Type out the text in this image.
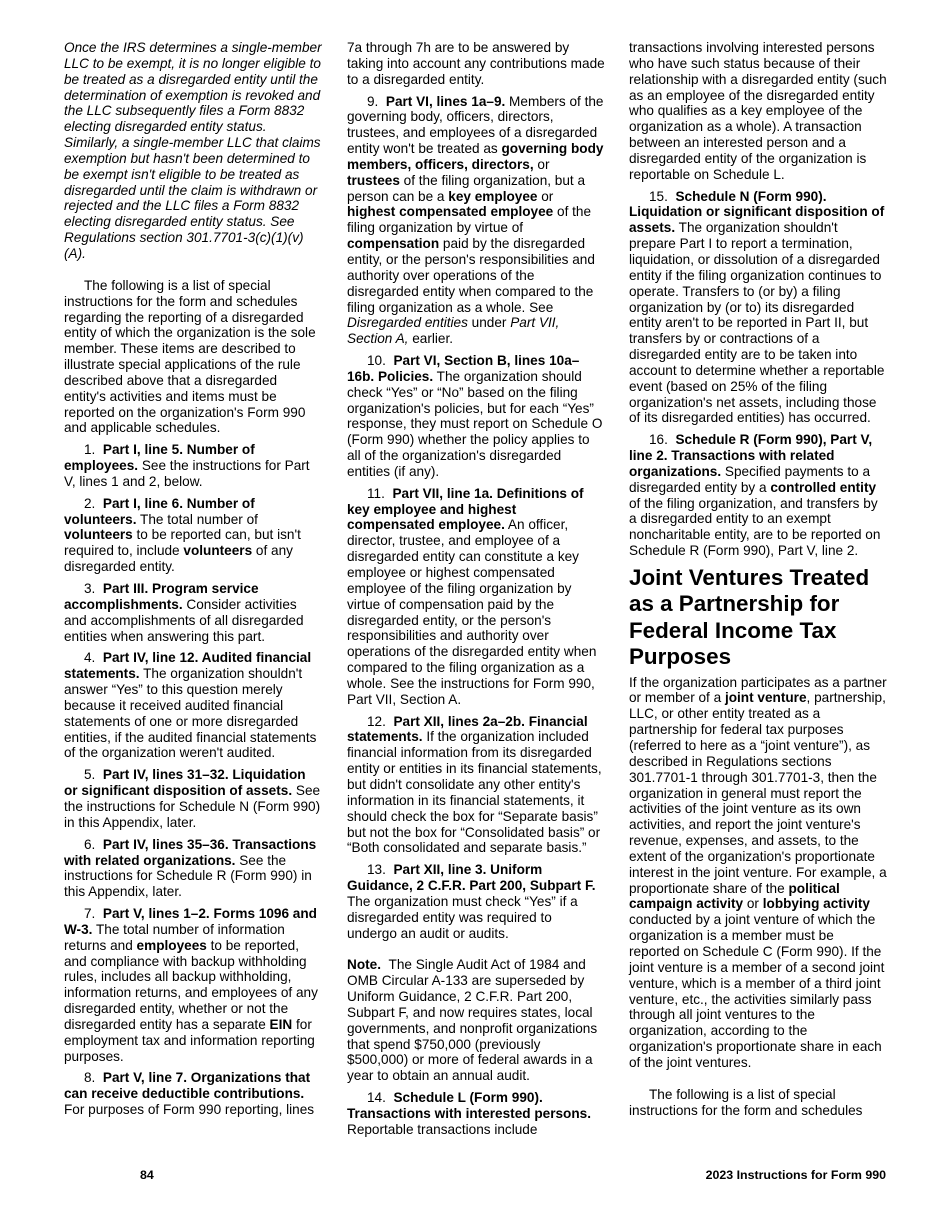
Once the IRS determines a single-member LLC to be exempt, it is no longer eligible to be treated as a disregarded entity until the determination of exemption is revoked and the LLC subsequently files a Form 8832 electing disregarded entity status. Similarly, a single-member LLC that claims exemption but hasn't been determined to be exempt isn't eligible to be treated as disregarded until the claim is withdrawn or rejected and the LLC files a Form 8832 electing disregarded entity status. See Regulations section 301.7701-3(c)(1)(v)(A).

The following is a list of special instructions for the form and schedules regarding the reporting of a disregarded entity of which the organization is the sole member. These items are described to illustrate special applications of the rule described above that a disregarded entity's activities and items must be reported on the organization's Form 990 and applicable schedules.

1.  Part I, line 5. Number of employees. See the instructions for Part V, lines 1 and 2, below.

2.  Part I, line 6. Number of volunteers. The total number of volunteers to be reported can, but isn't required to, include volunteers of any disregarded entity.

3.  Part III. Program service accomplishments. Consider activities and accomplishments of all disregarded entities when answering this part.

4.  Part IV, line 12. Audited financial statements. The organization shouldn't answer “Yes” to this question merely because it received audited financial statements of one or more disregarded entities, if the audited financial statements of the organization weren't audited.

5.  Part IV, lines 31–32. Liquidation or significant disposition of assets. See the instructions for Schedule N (Form 990) in this Appendix, later.

6.  Part IV, lines 35–36. Transactions with related organizations. See the instructions for Schedule R (Form 990) in this Appendix, later.

7.  Part V, lines 1–2. Forms 1096 and W-3. The total number of information returns and employees to be reported, and compliance with backup withholding rules, includes all backup withholding, information returns, and employees of any disregarded entity, whether or not the disregarded entity has a separate EIN for employment tax and information reporting purposes.

8.  Part V, line 7. Organizations that can receive deductible contributions. For purposes of Form 990 reporting, lines

7a through 7h are to be answered by taking into account any contributions made to a disregarded entity.

9.  Part VI, lines 1a–9. Members of the governing body, officers, directors, trustees, and employees of a disregarded entity won't be treated as governing body members, officers, directors, or trustees of the filing organization, but a person can be a key employee or highest compensated employee of the filing organization by virtue of compensation paid by the disregarded entity, or the person's responsibilities and authority over operations of the disregarded entity when compared to the filing organization as a whole. See Disregarded entities under Part VII, Section A, earlier.

10.  Part VI, Section B, lines 10a–16b. Policies. The organization should check “Yes” or “No” based on the filing organization's policies, but for each “Yes” response, they must report on Schedule O (Form 990) whether the policy applies to all of the organization's disregarded entities (if any).

11.  Part VII, line 1a. Definitions of key employee and highest compensated employee. An officer, director, trustee, and employee of a disregarded entity can constitute a key employee or highest compensated employee of the filing organization by virtue of compensation paid by the disregarded entity, or the person's responsibilities and authority over operations of the disregarded entity when compared to the filing organization as a whole. See the instructions for Form 990, Part VII, Section A.

12.  Part XII, lines 2a–2b. Financial statements. If the organization included financial information from its disregarded entity or entities in its financial statements, but didn't consolidate any other entity's information in its financial statements, it should check the box for “Separate basis” but not the box for “Consolidated basis” or “Both consolidated and separate basis.”

13.  Part XII, line 3. Uniform Guidance, 2 C.F.R. Part 200, Subpart F. The organization must check “Yes” if a disregarded entity was required to undergo an audit or audits.

Note.  The Single Audit Act of 1984 and OMB Circular A-133 are superseded by Uniform Guidance, 2 C.F.R. Part 200, Subpart F, and now requires states, local governments, and nonprofit organizations that spend $750,000 (previously $500,000) or more of federal awards in a year to obtain an annual audit.

14.  Schedule L (Form 990). Transactions with interested persons. Reportable transactions include

transactions involving interested persons who have such status because of their relationship with a disregarded entity (such as an employee of the disregarded entity who qualifies as a key employee of the organization as a whole). A transaction between an interested person and a disregarded entity of the organization is reportable on Schedule L.

15.  Schedule N (Form 990). Liquidation or significant disposition of assets. The organization shouldn't prepare Part I to report a termination, liquidation, or dissolution of a disregarded entity if the filing organization continues to operate. Transfers to (or by) a filing organization by (or to) its disregarded entity aren't to be reported in Part II, but transfers by or contractions of a disregarded entity are to be taken into account to determine whether a reportable event (based on 25% of the filing organization's net assets, including those of its disregarded entities) has occurred.

16.  Schedule R (Form 990), Part V, line 2. Transactions with related organizations. Specified payments to a disregarded entity by a controlled entity of the filing organization, and transfers by a disregarded entity to an exempt noncharitable entity, are to be reported on Schedule R (Form 990), Part V, line 2.

Joint Ventures Treated as a Partnership for Federal Income Tax Purposes

If the organization participates as a partner or member of a joint venture, partnership, LLC, or other entity treated as a partnership for federal tax purposes (referred to here as a “joint venture”), as described in Regulations sections 301.7701-1 through 301.7701-3, then the organization in general must report the activities of the joint venture as its own activities, and report the joint venture's revenue, expenses, and assets, to the extent of the organization's proportionate interest in the joint venture. For example, a proportionate share of the political campaign activity or lobbying activity conducted by a joint venture of which the organization is a member must be reported on Schedule C (Form 990). If the joint venture is a member of a second joint venture, which is a member of a third joint venture, etc., the activities similarly pass through all joint ventures to the organization, according to the organization's proportionate share in each of the joint ventures.

The following is a list of special instructions for the form and schedules

84	2023 Instructions for Form 990
